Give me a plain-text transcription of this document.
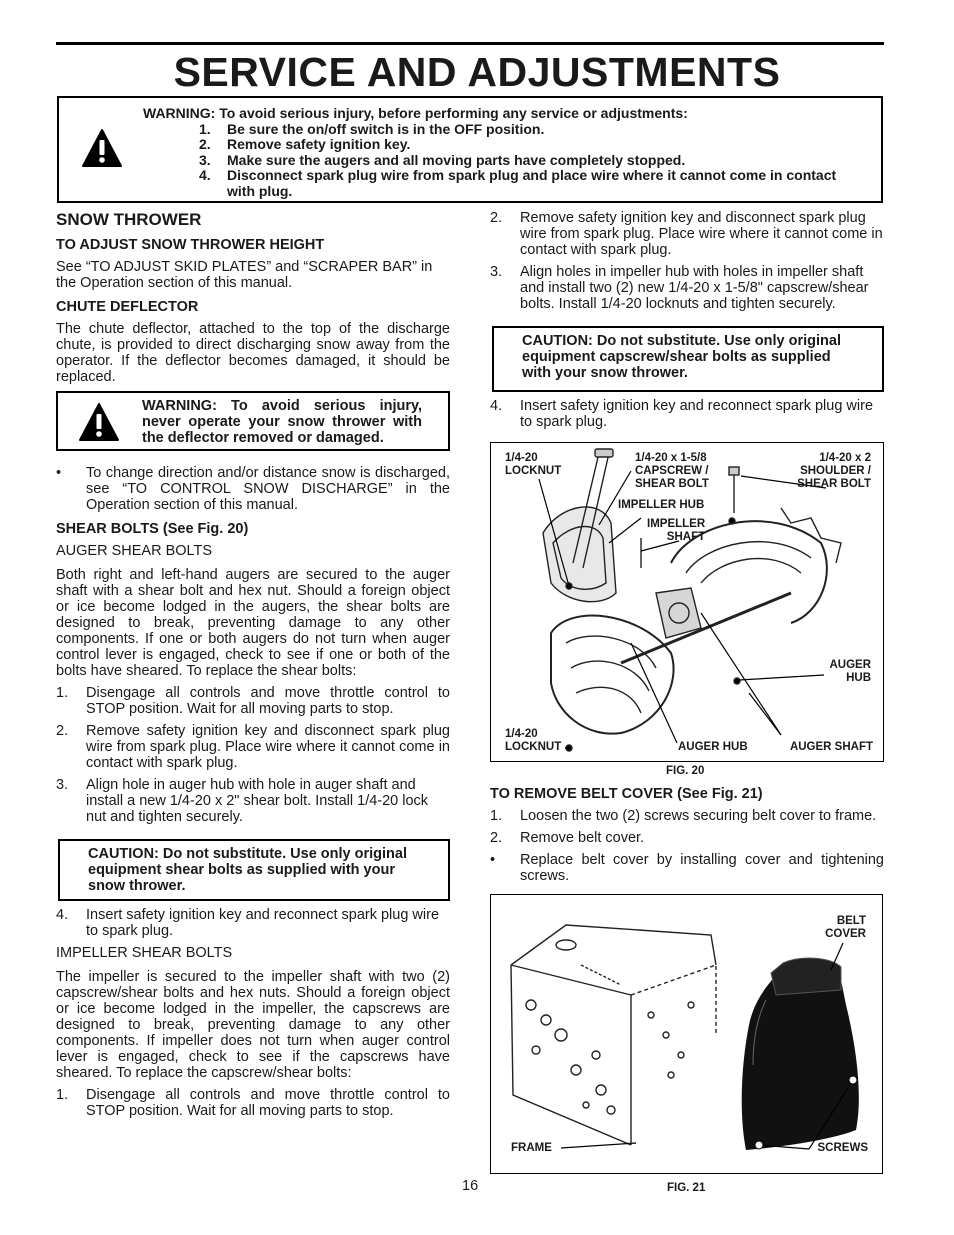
SERVICE AND ADJUSTMENTS
WARNING: To avoid serious injury, before performing any service or adjustments:
1. Be sure the on/off switch is in the OFF position.
2. Remove safety ignition key.
3. Make sure the augers and all moving parts have completely stopped.
4. Disconnect spark plug wire from spark plug and place wire where it cannot come in contact
with plug.

SNOW THROWER

TO ADJUST SNOW THROWER HEIGHT

See “TO ADJUST SKID PLATES” and “SCRAPER BAR” in the Operation section of this manual.

CHUTE DEFLECTOR

The chute deflector, attached to the top of the discharge chute, is provided to direct discharging snow away from the operator. If the deflector becomes damaged, it should be replaced.

WARNING: To avoid serious injury, never operate your snow thrower with the deflector removed or damaged.
•	To change direction and/or distance snow is discharged, see “TO CONTROL SNOW DISCHARGE” in the Operation section of this manual.

SHEAR BOLTS (See Fig. 20)

AUGER SHEAR BOLTS

Both right and left-hand augers are secured to the auger shaft with a shear bolt and hex nut. Should a foreign object or ice become lodged in the augers, the shear bolts are designed to break, preventing damage to any other components. If one or both augers do not turn when auger control lever is engaged, check to see if one or both of the bolts have sheared. To replace the shear bolts:

1.	Disengage all controls and move throttle control to STOP position. Wait for all moving parts to stop.
2.	Remove safety ignition key and disconnect spark plug wire from spark plug. Place wire where it cannot come in contact with spark plug.
3.	Align hole in auger hub with hole in auger shaft and install a new 1/4-20 x 2" shear bolt. Install 1/4-20 lock nut and tighten securely.
CAUTION: Do not substitute. Use only original equipment shear bolts as supplied with your snow thrower.
4.	Insert safety ignition key and reconnect spark plug wire to spark plug.

IMPELLER SHEAR BOLTS

The impeller is secured to the impeller shaft with two (2) capscrew/shear bolts and hex nuts. Should a foreign object or ice become lodged in the impeller, the capscrews are designed to break, preventing damage to any other components. If impeller does not turn when auger control lever is engaged, check to see if the capscrews have sheared. To replace the capscrew/shear bolts:

1.	Disengage all controls and move throttle control to STOP position. Wait for all moving parts to stop.
2.	Remove safety ignition key and disconnect spark plug wire from spark plug. Place wire where it cannot come in contact with spark plug.
3.	Align holes in impeller hub with holes in impeller shaft and install two (2) new 1/4-20 x 1-5/8" capscrew/shear bolts. Install 1/4-20 locknuts and tighten securely.
CAUTION: Do not substitute. Use only original equipment capscrew/shear bolts as supplied with your snow thrower.
4.	Insert safety ignition key and reconnect spark plug wire to spark plug.
1/4-20
LOCKNUT
1/4-20 x 1-5/8
CAPSCREW /
SHEAR BOLT
1/4-20 x 2
SHOULDER /
SHEAR BOLT
IMPELLER HUB
IMPELLER
SHAFT
AUGER
HUB
1/4-20
LOCKNUT	AUGER HUB	AUGER SHAFT
FIG. 20

TO REMOVE BELT COVER (See Fig. 21)

1.	Loosen the two (2) screws securing belt cover to frame.
2.	Remove belt cover.
•	Replace belt cover by installing cover and tightening screws.
BELT
COVER
FRAME	SCREWS
FIG. 21
16
